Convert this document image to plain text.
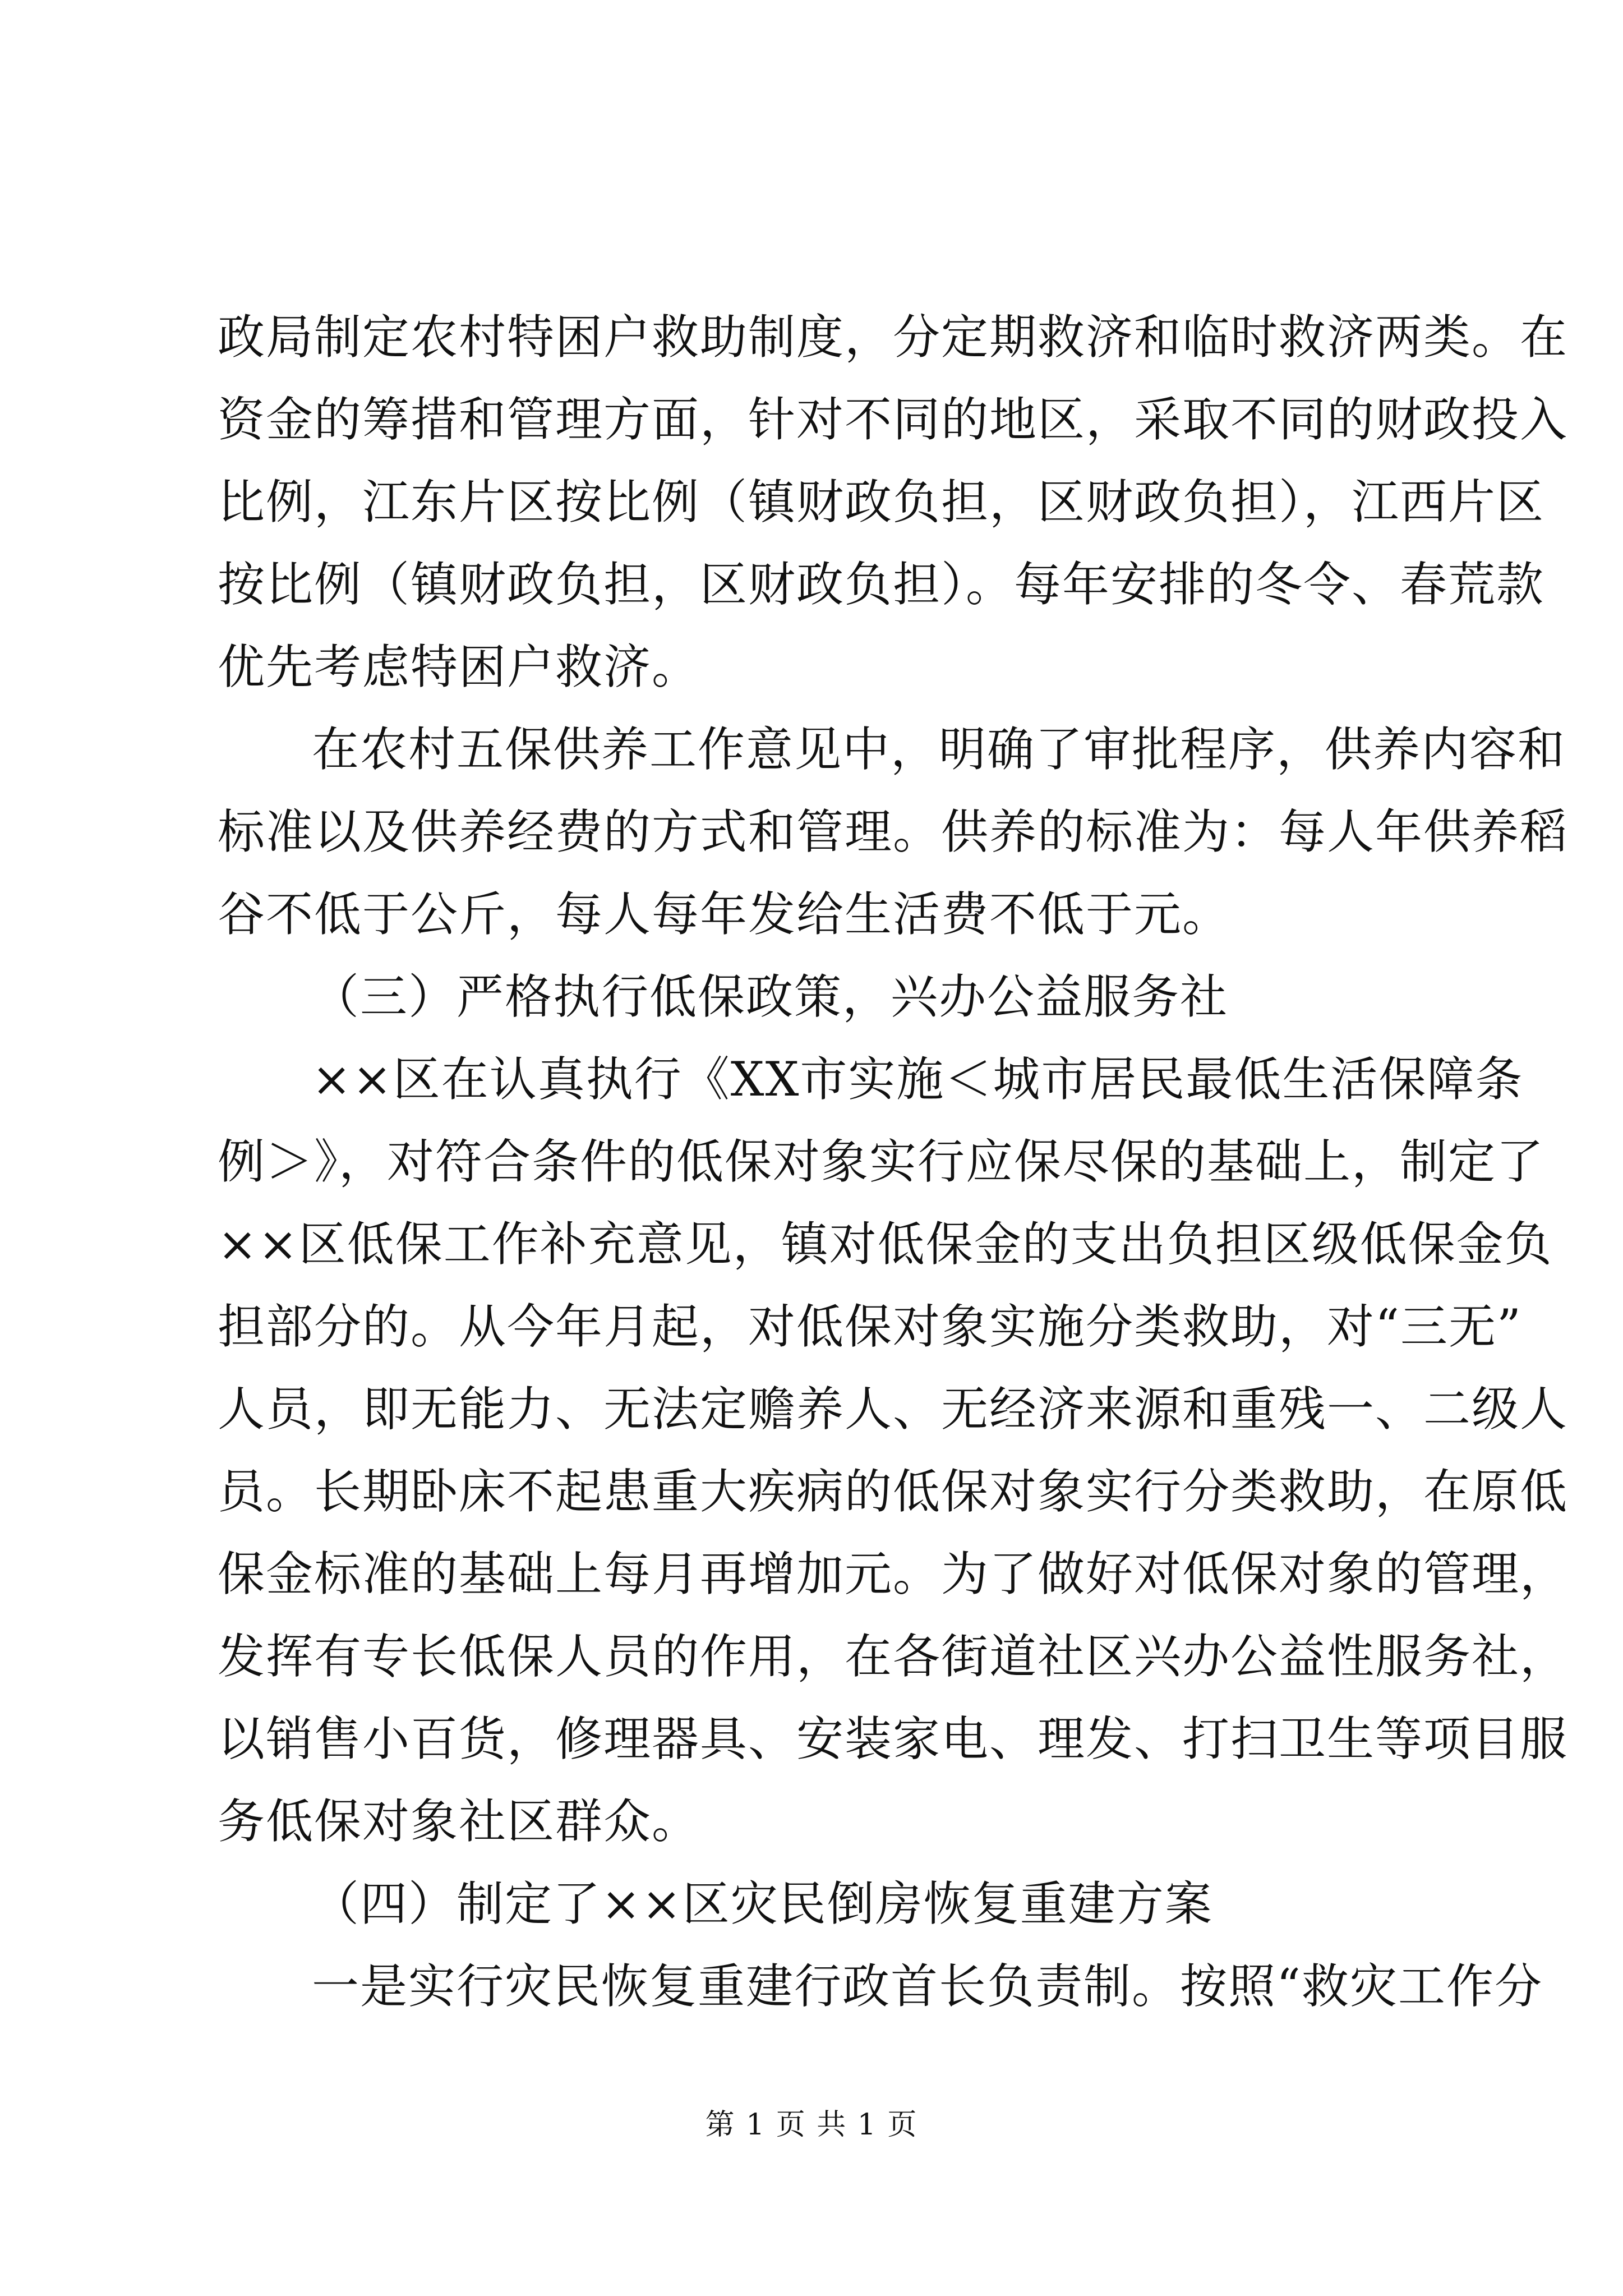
政局制定农村特困户救助制度，分定期救济和临时救济两类。在
资金的筹措和管理方面，针对不同的地区，采取不同的财政投入
比例，江东片区按比例（镇财政负担，区财政负担），江西片区
按比例（镇财政负担，区财政负担）。每年安排的冬令、春荒款
优先考虑特困户救济。

在农村五保供养工作意见中，明确了审批程序，供养内容和
标准以及供养经费的方式和管理。供养的标准为：每人年供养稻
谷不低于公斤，每人每年发给生活费不低于元。

（三）严格执行低保政策，兴办公益服务社

××区在认真执行《XX市实施＜城市居民最低生活保障条
例＞》，对符合条件的低保对象实行应保尽保的基础上，制定了
××区低保工作补充意见，镇对低保金的支出负担区级低保金负
担部分的。从今年月起，对低保对象实施分类救助，对“三无”
人员，即无能力、无法定赡养人、无经济来源和重残一、二级人
员。长期卧床不起患重大疾病的低保对象实行分类救助，在原低
保金标准的基础上每月再增加元。为了做好对低保对象的管理，
发挥有专长低保人员的作用，在各街道社区兴办公益性服务社，
以销售小百货，修理器具、安装家电、理发、打扫卫生等项目服
务低保对象社区群众。

（四）制定了××区灾民倒房恢复重建方案

一是实行灾民恢复重建行政首长负责制。按照“救灾工作分

第 1 页 共 1 页
